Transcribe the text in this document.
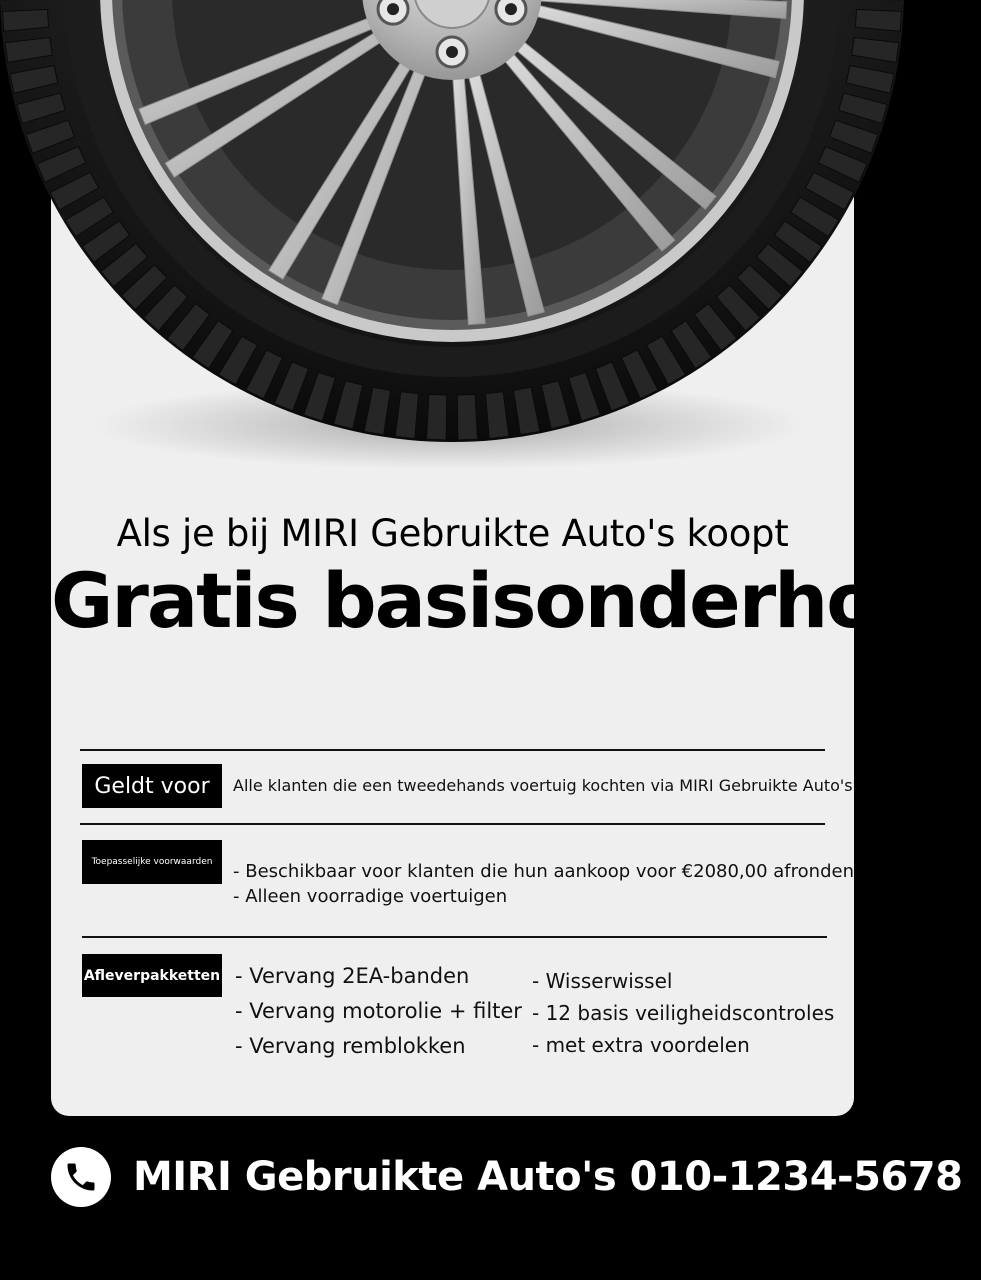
Als je bij MIRI Gebruikte Auto's koopt
Gratis basisonderhoud
Geldt voor	Alle klanten die een tweedehands voertuig kochten via MIRI Gebruikte Auto's
Toepasselijke voorwaarden	- Beschikbaar voor klanten die hun aankoop voor €2080,00 afronden
- Alleen voorradige voertuigen
Afleverpakketten - Vervang 2EA-banden
- Vervang motorolie + filter
- Vervang remblokken
- Wisserwissel
- 12 basis veiligheidscontroles
- met extra voordelen
MIRI Gebruikte Auto's 010-1234-5678
